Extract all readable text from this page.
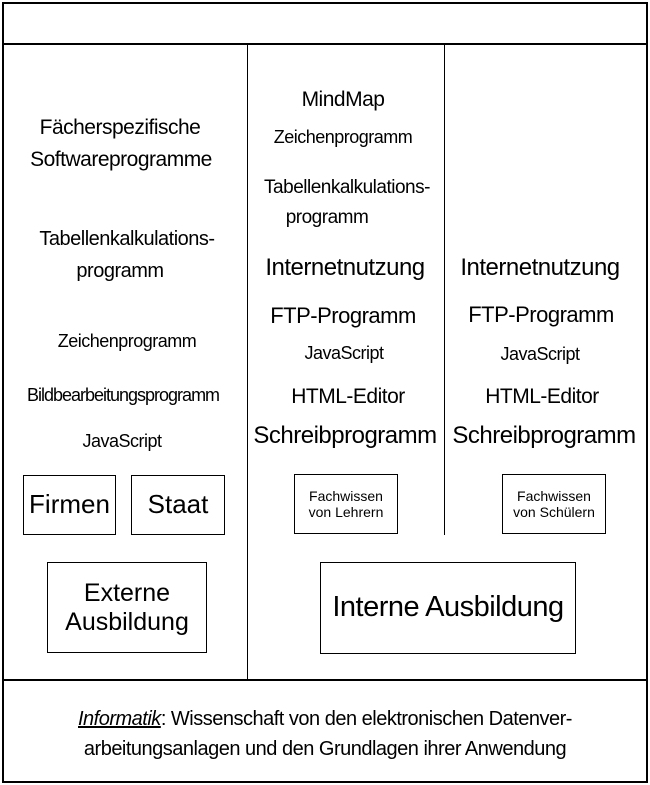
Fächerspezifische
Softwareprogramme
Tabellenkalkulations-
programm
Zeichenprogramm
Bildbearbeitungsprogramm
JavaScript
Firmen Staat
Externe
Ausbildung
MindMap
Zeichenprogramm
Tabellenkalkulations-
programm
Internetnutzung
FTP-Programm
JavaScript
HTML-Editor
Schreibprogramm
Fachwissen
von Lehrern
Internetnutzung
FTP-Programm
JavaScript
HTML-Editor
Schreibprogramm
Fachwissen
von Schülern
Interne Ausbildung
Informatik: Wissenschaft von den elektronischen Datenver-
arbeitungsanlagen und den Grundlagen ihrer Anwendung
